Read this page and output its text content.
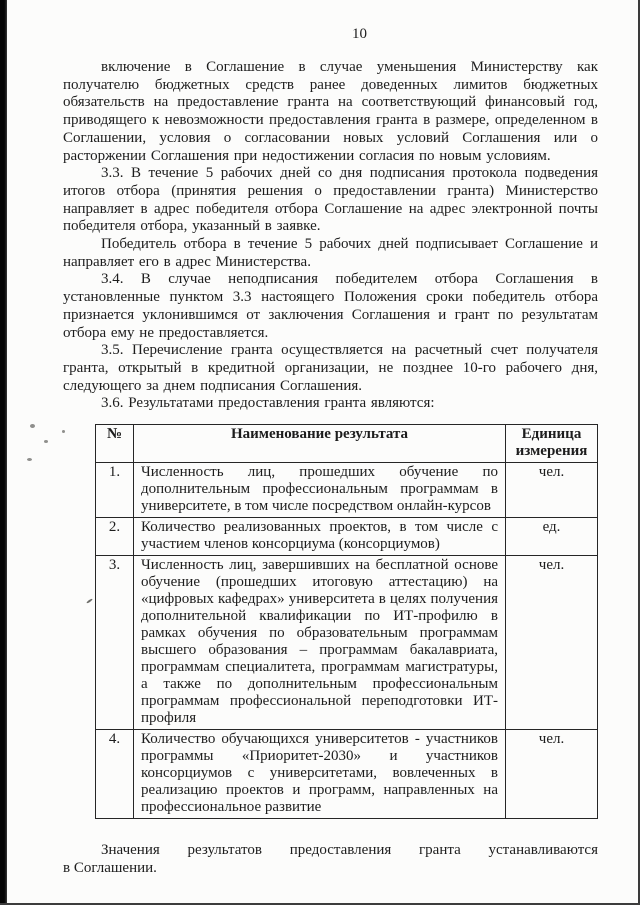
10

включение в Соглашение в случае уменьшения Министерству как получателю бюджетных средств ранее доведенных лимитов бюджетных обязательств на предоставление гранта на соответствующий финансовый год, приводящего к невозможности предоставления гранта в размере, определенном в Соглашении, условия о согласовании новых условий Соглашения или о расторжении Соглашения при недостижении согласия по новым условиям.

3.3. В течение 5 рабочих дней со дня подписания протокола подведения итогов отбора (принятия решения о предоставлении гранта) Министерство направляет в адрес победителя отбора Соглашение на адрес электронной почты победителя отбора, указанный в заявке.

Победитель отбора в течение 5 рабочих дней подписывает Соглашение и направляет его в адрес Министерства.

3.4. В случае неподписания победителем отбора Соглашения в установленные пунктом 3.3 настоящего Положения сроки победитель отбора признается уклонившимся от заключения Соглашения и грант по результатам отбора ему не предоставляется.

3.5. Перечисление гранта осуществляется на расчетный счет получателя гранта, открытый в кредитной организации, не позднее 10-го рабочего дня, следующего за днем подписания Соглашения.

3.6. Результатами предоставления гранта являются:

№	Наименование результата	Единица измерения
1.	Численность лиц, прошедших обучение по дополнительным профессиональным программам в университете, в том числе посредством онлайн-курсов	чел.
2.	Количество реализованных проектов, в том числе с участием членов консорциума (консорциумов)	ед.
3.	Численность лиц, завершивших на бесплатной основе обучение (прошедших итоговую аттестацию) на «цифровых кафедрах» университета в целях получения дополнительной квалификации по ИТ-профилю в рамках обучения по образовательным программам высшего образования – программам бакалавриата, программам специалитета, программам магистратуры, а также по дополнительным профессиональным программам профессиональной переподготовки ИТ-профиля	чел.
4.	Количество обучающихся университетов - участников программы «Приоритет-2030» и участников консорциумов с университетами, вовлеченных в реализацию проектов и программ, направленных на профессиональное развитие	чел.

Значения результатов предоставления гранта устанавливаются
в Соглашении.
